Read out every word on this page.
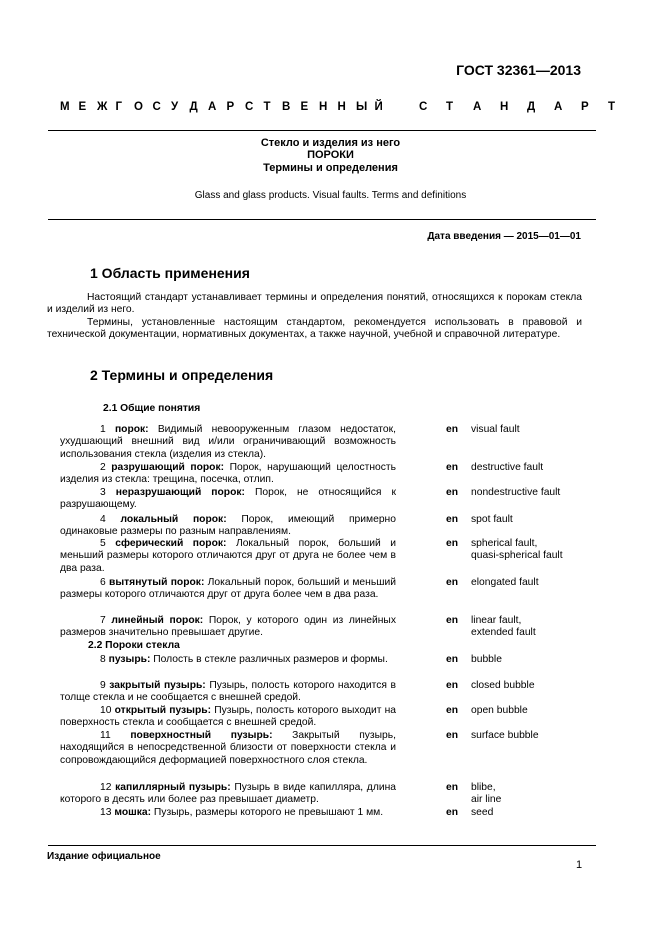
ГОСТ 32361—2013
М Е Ж Г О С У Д А Р С Т В Е Н Н Ы Й	С Т А Н Д А Р Т
Стекло и изделия из него
ПОРОКИ
Термины и определения
Glass and glass products. Visual faults. Terms and definitions
Дата введения — 2015—01—01
1 Область применения

Настоящий стандарт устанавливает термины и определения понятий, относящихся к порокам стекла и изделий из него.

Термины, установленные настоящим стандартом, рекомендуется использовать в правовой и технической документации, нормативных документах, а также научной, учебной и справочной литературе.

2 Термины и определения
2.1 Общие понятия
1 порок: Видимый невооруженным глазом недостаток, ухудшающий внешний вид и/или ограничивающий возможность использования стекла (изделия из стекла).
en visual fault
2 разрушающий порок: Порок, нарушающий целостность изделия из стекла: трещина, посечка, отлип.
en destructive fault
3 неразрушающий порок: Порок, не относящийся к разрушающему.
en nondestructive fault
4 локальный порок: Порок, имеющий примерно одинаковые размеры по разным направлениям.
en spot fault
5 сферический порок: Локальный порок, больший и меньший размеры которого отличаются друг от друга не более чем в два раза.
en spherical fault,
quasi-spherical fault
6 вытянутый порок: Локальный порок, больший и меньший размеры которого отличаются друг от друга более чем в два раза.
en elongated fault
7 линейный порок: Порок, у которого один из линейных размеров значительно превышает другие.
en linear fault,
extended fault
8 пузырь: Полость в стекле различных размеров и формы.	en bubble
9 закрытый пузырь: Пузырь, полость которого находится в толще стекла и не сообщается с внешней средой.
en closed bubble
10 открытый пузырь: Пузырь, полость которого выходит на поверхность стекла и сообщается с внешней средой.
en open bubble
11 поверхностный пузырь: Закрытый пузырь, находящийся в непосредственной близости от поверхности стекла и сопровождающийся деформацией поверхностного слоя стекла.
en surface bubble
12 капиллярный пузырь: Пузырь в виде капилляра, длина которого в десять или более раз превышает диаметр.
en blibe,
air line
13 мошка: Пузырь, размеры которого не превышают 1 мм.	en seed
2.2 Пороки стекла
Издание официальное
1
